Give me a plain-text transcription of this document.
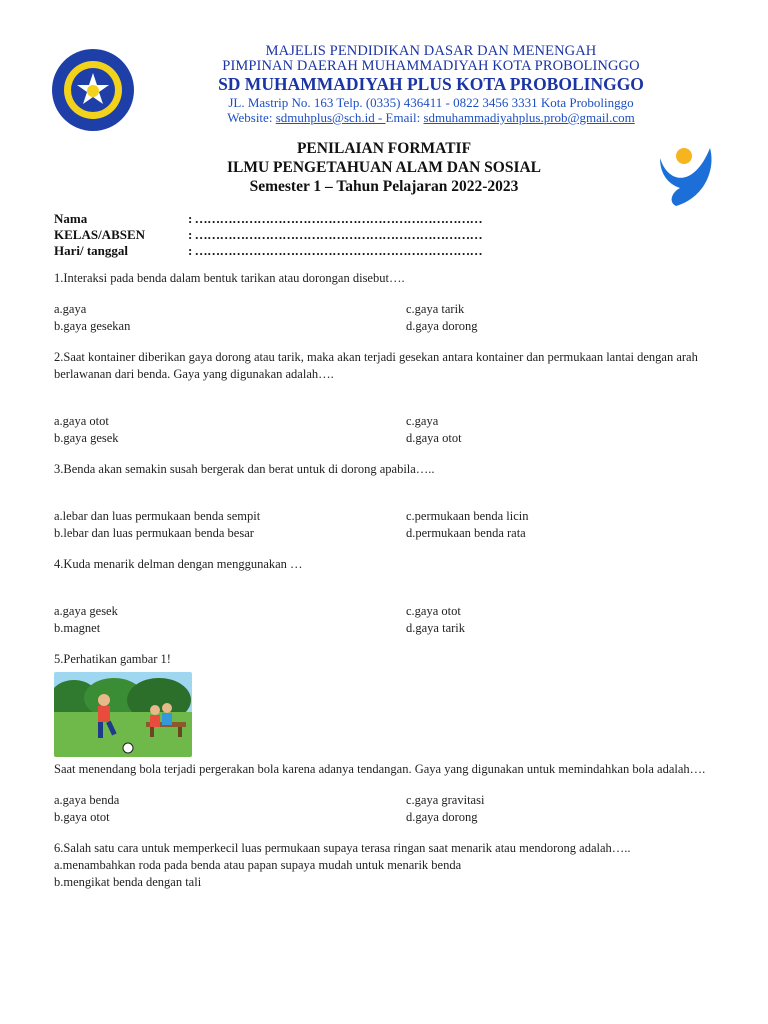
MAJELIS PENDIDIKAN DASAR DAN MENENGAH
PIMPINAN DAERAH MUHAMMADIYAH KOTA PROBOLINGGO
SD MUHAMMADIYAH PLUS KOTA PROBOLINGGO
JL. Mastrip No. 163 Telp. (0335) 436411 - 0822 3456 3331 Kota Probolinggo
Website: sdmuhplus@sch.id - Email: sdmuhammadiyahplus.prob@gmail.com
PENILAIAN FORMATIF
ILMU PENGETAHUAN ALAM DAN SOSIAL
Semester 1 – Tahun Pelajaran 2022-2023
Nama	: ……………………………………………………………
KELAS/ABSEN	: ……………………………………………………………
Hari/ tanggal	: ……………………………………………………………

1.Interaksi pada benda dalam bentuk tarikan atau dorongan disebut….

a.gaya	c.gaya tarik
b.gaya gesekan	d.gaya dorong

2.Saat kontainer diberikan gaya dorong atau tarik, maka akan terjadi gesekan antara kontainer dan permukaan lantai dengan arah berlawanan dari benda. Gaya yang digunakan adalah….

a.gaya otot	c.gaya
b.gaya gesek	d.gaya otot

3.Benda akan semakin susah bergerak dan berat untuk di dorong apabila…..

a.lebar dan luas permukaan benda sempit	c.permukaan benda licin
b.lebar dan luas permukaan benda besar	d.permukaan benda rata

4.Kuda menarik delman dengan menggunakan …

a.gaya gesek	c.gaya otot
b.magnet	d.gaya tarik

5.Perhatikan gambar 1!

Saat menendang bola terjadi pergerakan bola karena adanya tendangan. Gaya yang digunakan untuk memindahkan bola adalah….

a.gaya benda	c.gaya gravitasi
b.gaya otot	d.gaya dorong

6.Salah satu cara untuk memperkecil luas permukaan supaya terasa ringan saat menarik atau mendorong adalah…..

a.menambahkan roda pada benda atau papan supaya mudah untuk menarik benda
b.mengikat benda dengan tali
